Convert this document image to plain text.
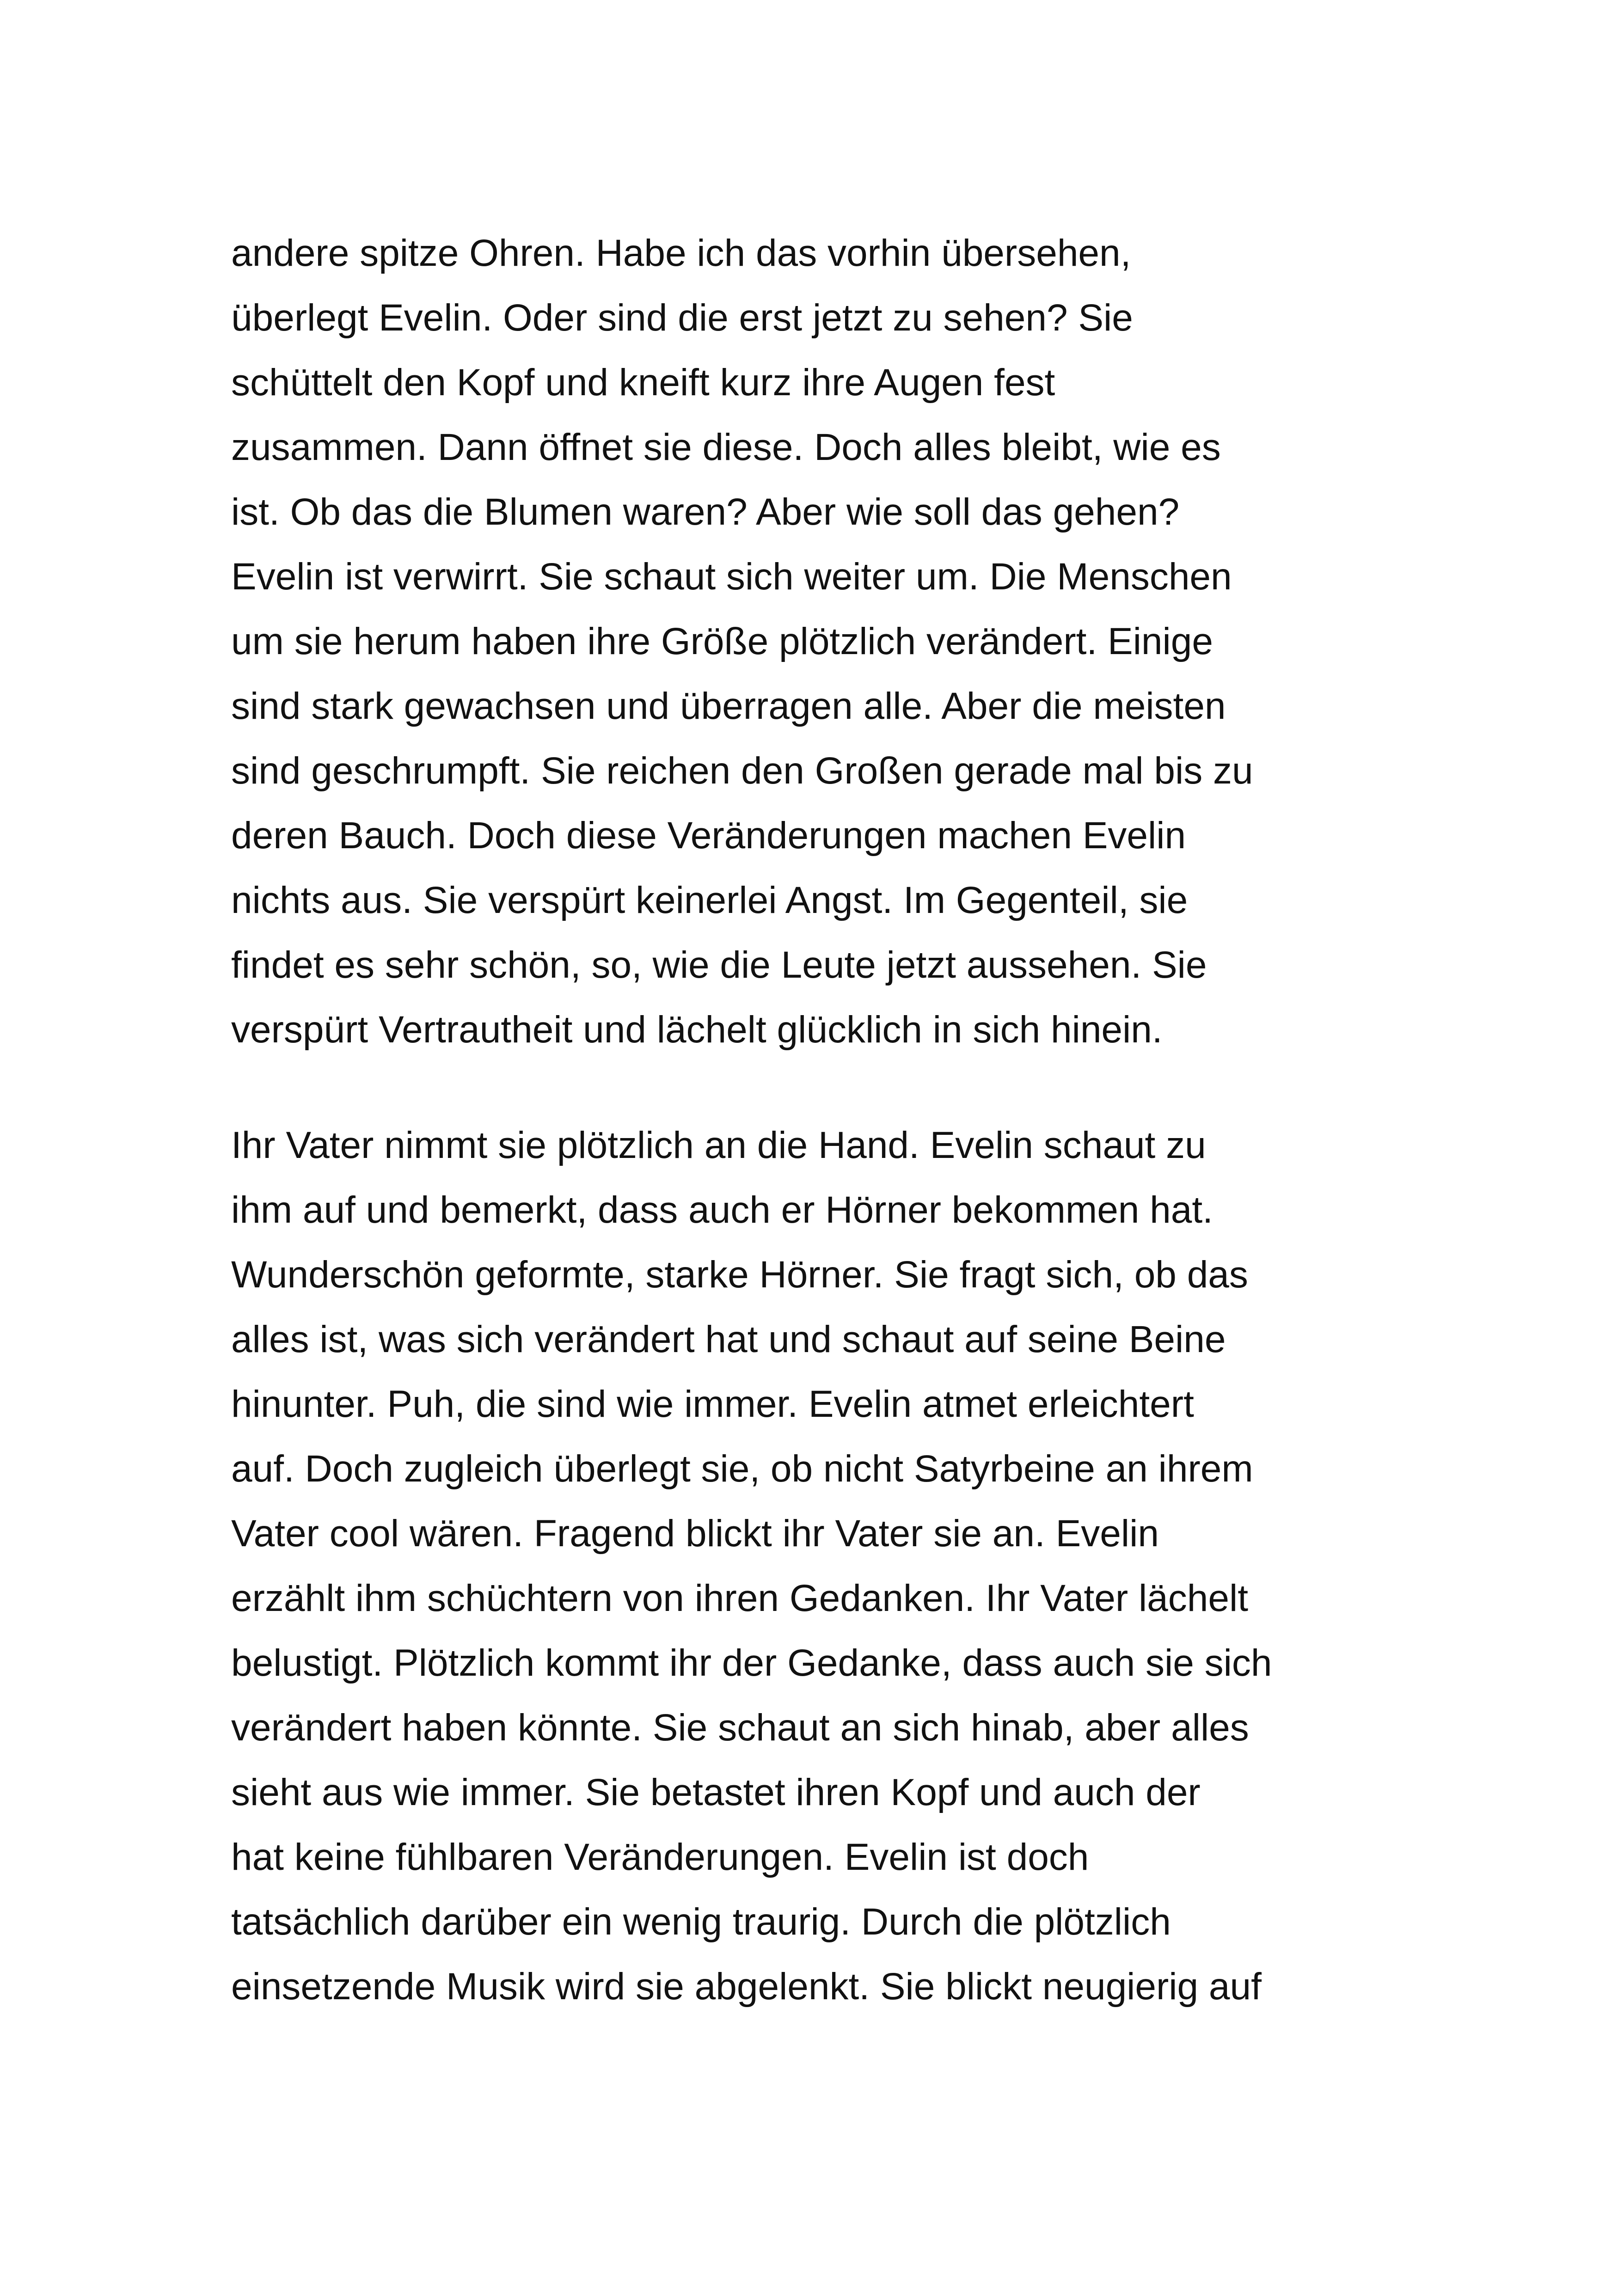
andere spitze Ohren. Habe ich das vorhin übersehen,
überlegt Evelin. Oder sind die erst jetzt zu sehen? Sie
schüttelt den Kopf und kneift kurz ihre Augen fest
zusammen. Dann öffnet sie diese. Doch alles bleibt, wie es
ist. Ob das die Blumen waren? Aber wie soll das gehen?
Evelin ist verwirrt. Sie schaut sich weiter um. Die Menschen
um sie herum haben ihre Größe plötzlich verändert. Einige
sind stark gewachsen und überragen alle. Aber die meisten
sind geschrumpft. Sie reichen den Großen gerade mal bis zu
deren Bauch. Doch diese Veränderungen machen Evelin
nichts aus. Sie verspürt keinerlei Angst. Im Gegenteil, sie
findet es sehr schön, so, wie die Leute jetzt aussehen. Sie
verspürt Vertrautheit und lächelt glücklich in sich hinein.
Ihr Vater nimmt sie plötzlich an die Hand. Evelin schaut zu
ihm auf und bemerkt, dass auch er Hörner bekommen hat.
Wunderschön geformte, starke Hörner. Sie fragt sich, ob das
alles ist, was sich verändert hat und schaut auf seine Beine
hinunter. Puh, die sind wie immer. Evelin atmet erleichtert
auf. Doch zugleich überlegt sie, ob nicht Satyrbeine an ihrem
Vater cool wären. Fragend blickt ihr Vater sie an. Evelin
erzählt ihm schüchtern von ihren Gedanken. Ihr Vater lächelt
belustigt. Plötzlich kommt ihr der Gedanke, dass auch sie sich
verändert haben könnte. Sie schaut an sich hinab, aber alles
sieht aus wie immer. Sie betastet ihren Kopf und auch der
hat keine fühlbaren Veränderungen. Evelin ist doch
tatsächlich darüber ein wenig traurig. Durch die plötzlich
einsetzende Musik wird sie abgelenkt. Sie blickt neugierig auf
